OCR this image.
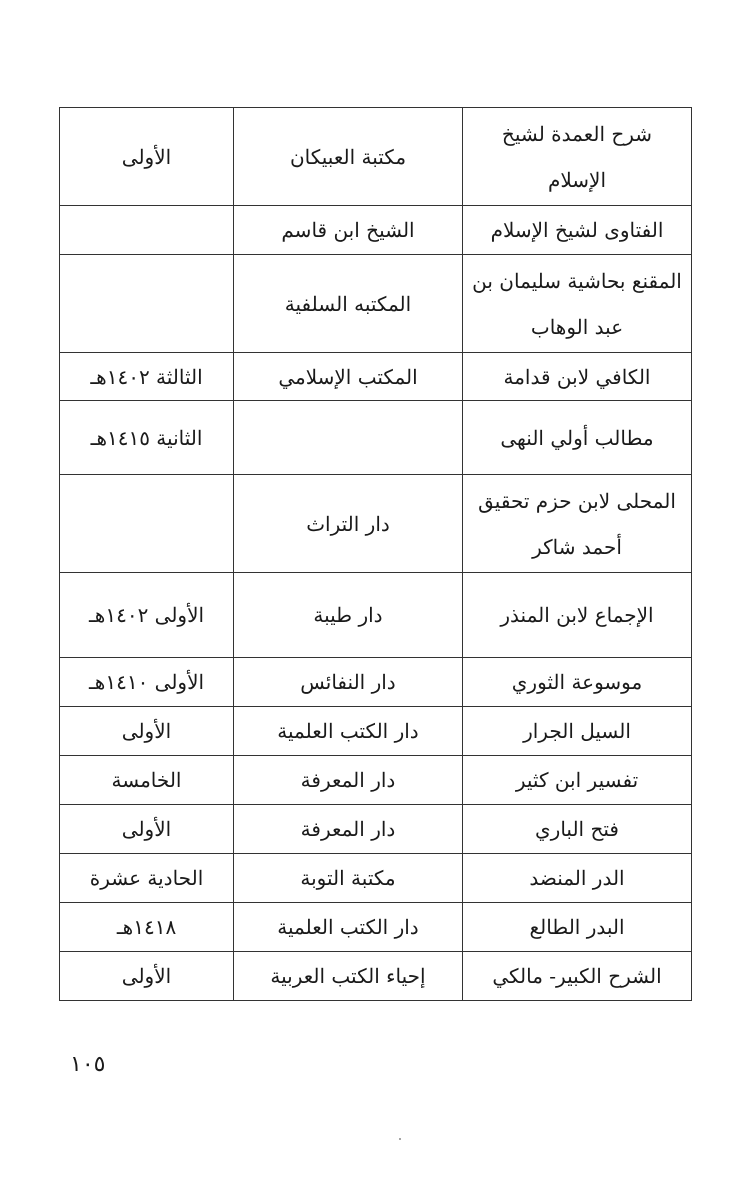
شرح العمدة لشيخ الإسلام	مكتبة العبيكان	الأولى
الفتاوى لشيخ الإسلام	الشيخ ابن قاسم	
المقنع بحاشية سليمان بن عبد الوهاب	المكتبه السلفية	
الكافي لابن قدامة	المكتب الإسلامي	الثالثة ١٤٠٢هـ
مطالب أولي النهى		الثانية ١٤١٥هـ
المحلى لابن حزم تحقيق أحمد شاكر	دار التراث	
الإجماع لابن المنذر	دار طيبة	الأولى ١٤٠٢هـ
موسوعة الثوري	دار النفائس	الأولى ١٤١٠هـ
السيل الجرار	دار الكتب العلمية	الأولى
تفسير ابن كثير	دار المعرفة	الخامسة
فتح الباري	دار المعرفة	الأولى
الدر المنضد	مكتبة التوبة	الحادية عشرة
البدر الطالع	دار الكتب العلمية	١٤١٨هـ
الشرح الكبير- مالكي	إحياء الكتب العربية	الأولى
١٠٥
